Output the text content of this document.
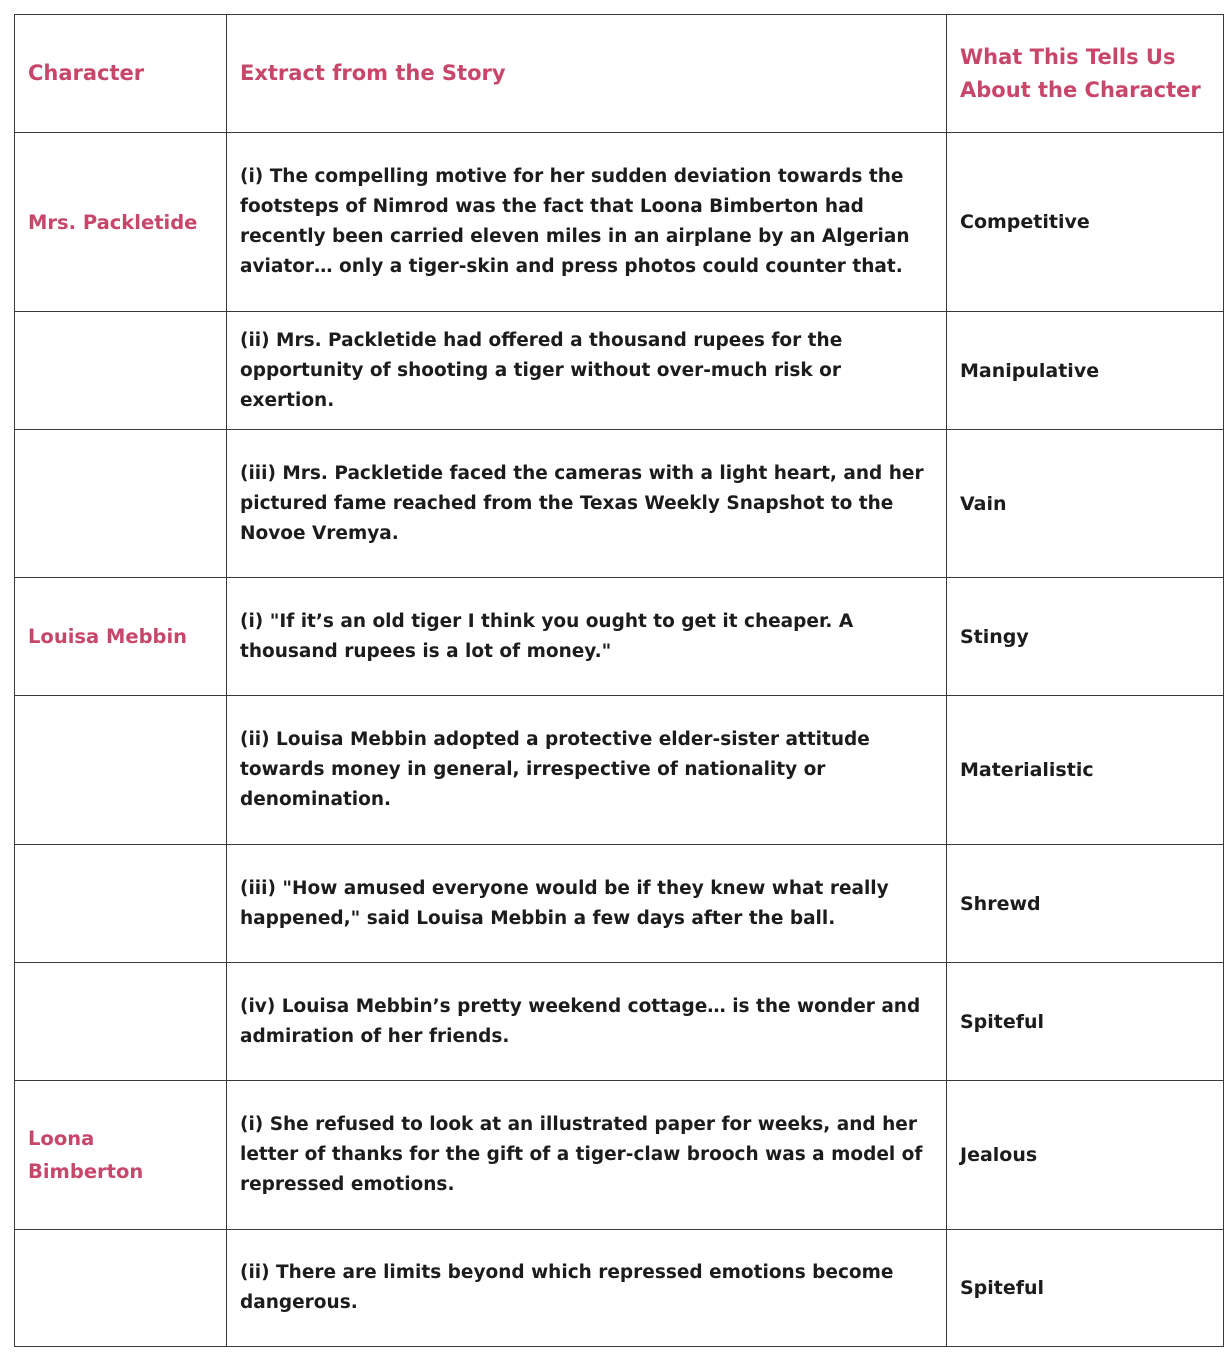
Character	Extract from the Story	What This Tells Us About the Character
Mrs. Packletide	(i) The compelling motive for her sudden deviation towards the footsteps of Nimrod was the fact that Loona Bimberton had recently been carried eleven miles in an airplane by an Algerian aviator… only a tiger-skin and press photos could counter that.	Competitive
	(ii) Mrs. Packletide had offered a thousand rupees for the opportunity of shooting a tiger without over-much risk or exertion.	Manipulative
	(iii) Mrs. Packletide faced the cameras with a light heart, and her pictured fame reached from the Texas Weekly Snapshot to the Novoe Vremya.	Vain
Louisa Mebbin	(i) "If it’s an old tiger I think you ought to get it cheaper. A thousand rupees is a lot of money."	Stingy
	(ii) Louisa Mebbin adopted a protective elder-sister attitude towards money in general, irrespective of nationality or denomination.	Materialistic
	(iii) "How amused everyone would be if they knew what really happened," said Louisa Mebbin a few days after the ball.	Shrewd
	(iv) Louisa Mebbin’s pretty weekend cottage… is the wonder and admiration of her friends.	Spiteful
Loona Bimberton	(i) She refused to look at an illustrated paper for weeks, and her letter of thanks for the gift of a tiger-claw brooch was a model of repressed emotions.	Jealous
	(ii) There are limits beyond which repressed emotions become dangerous.	Spiteful
